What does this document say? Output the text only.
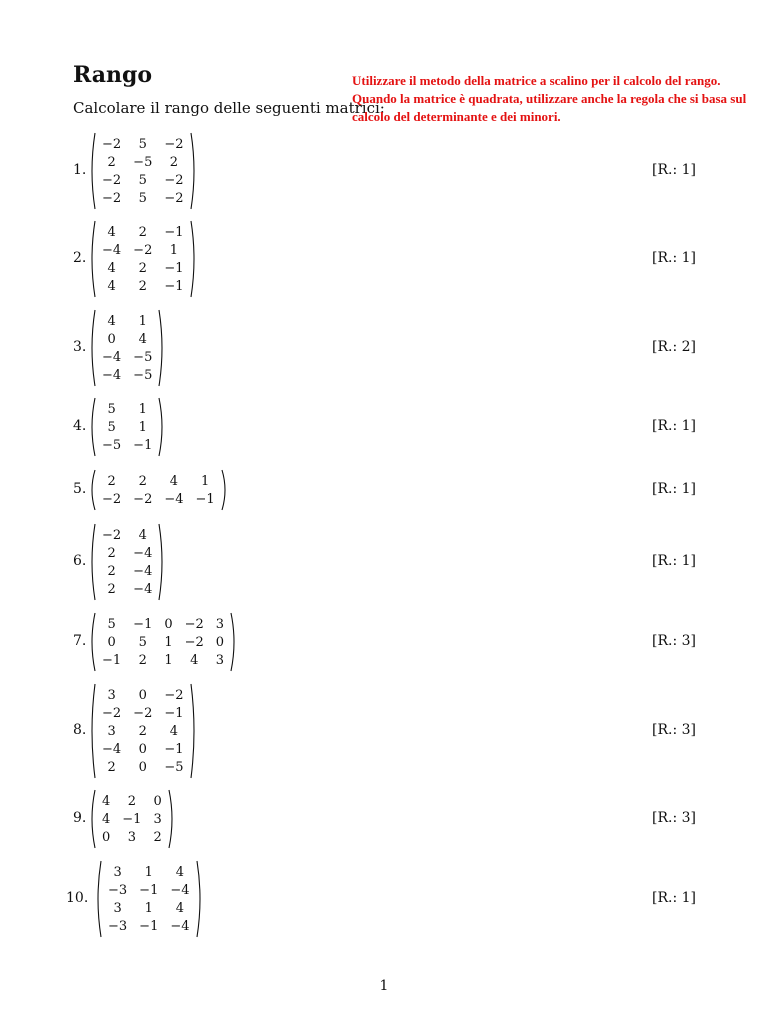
Rango
Calcolare il rango delle seguenti matrici:
Utilizzare il metodo della matrice a scalino per il calcolo del rango.
Quando la matrice è quadrata, utilizzare anche la regola che si basa sul calcolo del determinante e dei minori.
1.
−2	5	−2
2	−5	2
−2	5	−2
−2	5	−2
[R.: 1]
2.
4	2	−1
−4	−2	1
4	2	−1
4	2	−1
[R.: 1]
3.
4	1
0	4
−4	−5
−4	−5
[R.: 2]
4.
5	1
5	1
−5	−1
[R.: 1]
5. 2	2	4	1
−2	−2	−4	−1
[R.: 1]
6.
−2	4
2	−4
2	−4
2	−4
[R.: 1]
7.
5	−1	0	−2	3
0	5	1	−2	0
−1	2	1	4	3
[R.: 3]
8.
3	0	−2
−2	−2	−1
3	2	4
−4	0	−1
2	0	−5
[R.: 3]
9.
4	2	0
4	−1	3
0	3	2
[R.: 3]
10.
3	1	4
−3	−1	−4
3	1	4
−3	−1	−4
[R.: 1]
1
